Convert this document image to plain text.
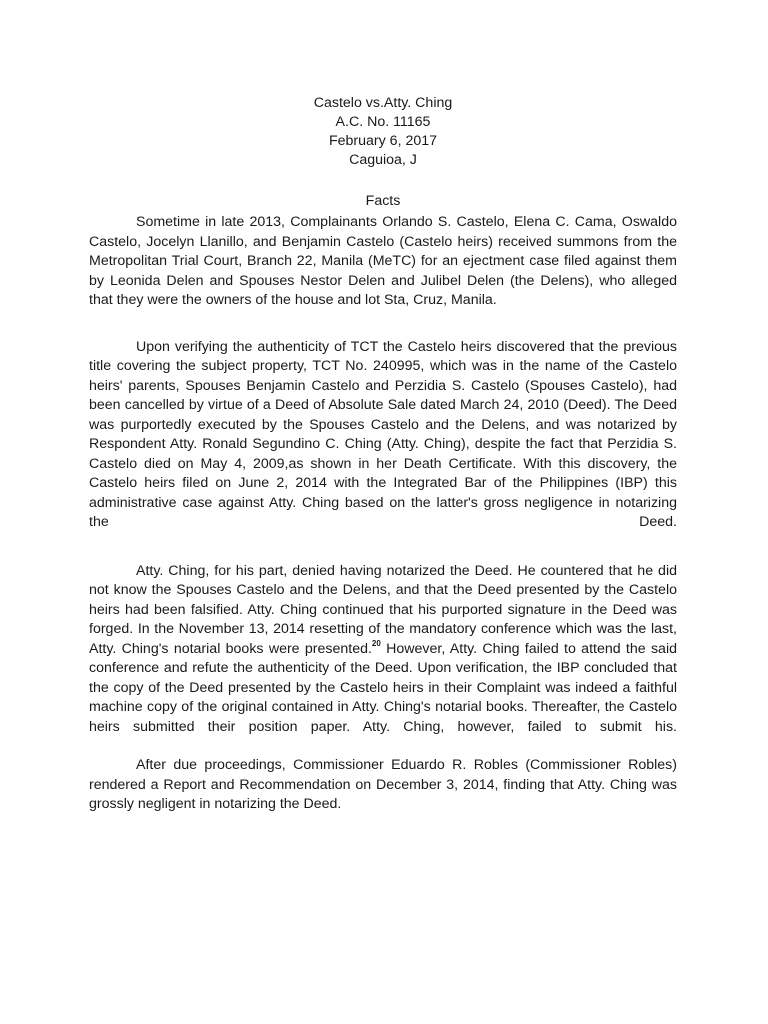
Castelo vs.Atty. Ching
A.C. No. 11165
February 6, 2017
Caguioa, J
Facts

Sometime in late 2013, Complainants Orlando S. Castelo, Elena C. Cama, Oswaldo Castelo, Jocelyn Llanillo, and Benjamin Castelo (Castelo heirs) received summons from the Metropolitan Trial Court, Branch 22, Manila (MeTC) for an ejectment case filed against them by Leonida Delen and Spouses Nestor Delen and Julibel Delen (the Delens), who alleged that they were the owners of the house and lot Sta, Cruz, Manila.

Upon verifying the authenticity of TCT the Castelo heirs discovered that the previous title covering the subject property, TCT No. 240995, which was in the name of the Castelo heirs' parents, Spouses Benjamin Castelo and Perzidia S. Castelo (Spouses Castelo), had been cancelled by virtue of a Deed of Absolute Sale dated March 24, 2010 (Deed). The Deed was purportedly executed by the Spouses Castelo and the Delens, and was notarized by Respondent Atty. Ronald Segundino C. Ching (Atty. Ching), despite the fact that Perzidia S. Castelo died on May 4, 2009,as shown in her Death Certificate. With this discovery, the Castelo heirs filed on June 2, 2014 with the Integrated Bar of the Philippines (IBP) this administrative case against Atty. Ching based on the latter's gross negligence in notarizing the Deed.

Atty. Ching, for his part, denied having notarized the Deed. He countered that he did not know the Spouses Castelo and the Delens, and that the Deed presented by the Castelo heirs had been falsified. Atty. Ching continued that his purported signature in the Deed was forged. In the November 13, 2014 resetting of the mandatory conference which was the last, Atty. Ching's notarial books were presented.$^{20}$ However, Atty. Ching failed to attend the said conference and refute the authenticity of the Deed. Upon verification, the IBP concluded that the copy of the Deed presented by the Castelo heirs in their Complaint was indeed a faithful machine copy of the original contained in Atty. Ching's notarial books. Thereafter, the Castelo heirs submitted their position paper. Atty. Ching, however, failed to submit his.

After due proceedings, Commissioner Eduardo R. Robles (Commissioner Robles) rendered a Report and Recommendation on December 3, 2014, finding that Atty. Ching was grossly negligent in notarizing the Deed.
